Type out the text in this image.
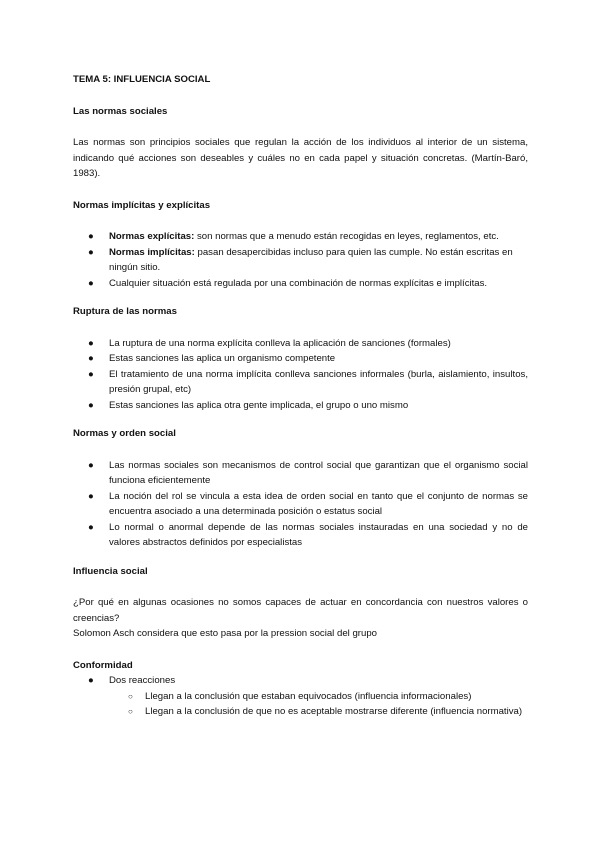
TEMA 5: INFLUENCIA SOCIAL

Las normas sociales

Las normas son principios sociales que regulan la acción de los individuos al interior de un sistema, indicando qué acciones son deseables y cuáles no en cada papel y situación concretas. (Martín-Baró, 1983).

Normas implícitas y explícitas

● Normas explícitas: son normas que a menudo están recogidas en leyes, reglamentos, etc.
● Normas implícitas: pasan desapercibidas incluso para quien las cumple. No están escritas en ningún sitio.
● Cualquier situación está regulada por una combinación de normas explícitas e implícitas.

Ruptura de las normas

● La ruptura de una norma explícita conlleva la aplicación de sanciones (formales)
● Estas sanciones las aplica un organismo competente
● El tratamiento de una norma implícita conlleva sanciones informales (burla, aislamiento, insultos, presión grupal, etc)
● Estas sanciones las aplica otra gente implicada, el grupo o uno mismo

Normas y orden social

● Las normas sociales son mecanismos de control social que garantizan que el organismo social funciona eficientemente
● La noción del rol se vincula a esta idea de orden social en tanto que el conjunto de normas se encuentra asociado a una determinada posición o estatus social
● Lo normal o anormal depende de las normas sociales instauradas en una sociedad y no de valores abstractos definidos por especialistas

Influencia social

¿Por qué en algunas ocasiones no somos capaces de actuar en concordancia con nuestros valores o creencias?

Solomon Asch considera que esto pasa por la pression social del grupo

Conformidad

● Dos reacciones
○ Llegan a la conclusión que estaban equivocados (influencia informacionales)
○ Llegan a la conclusión de que no es aceptable mostrarse diferente (influencia normativa)
